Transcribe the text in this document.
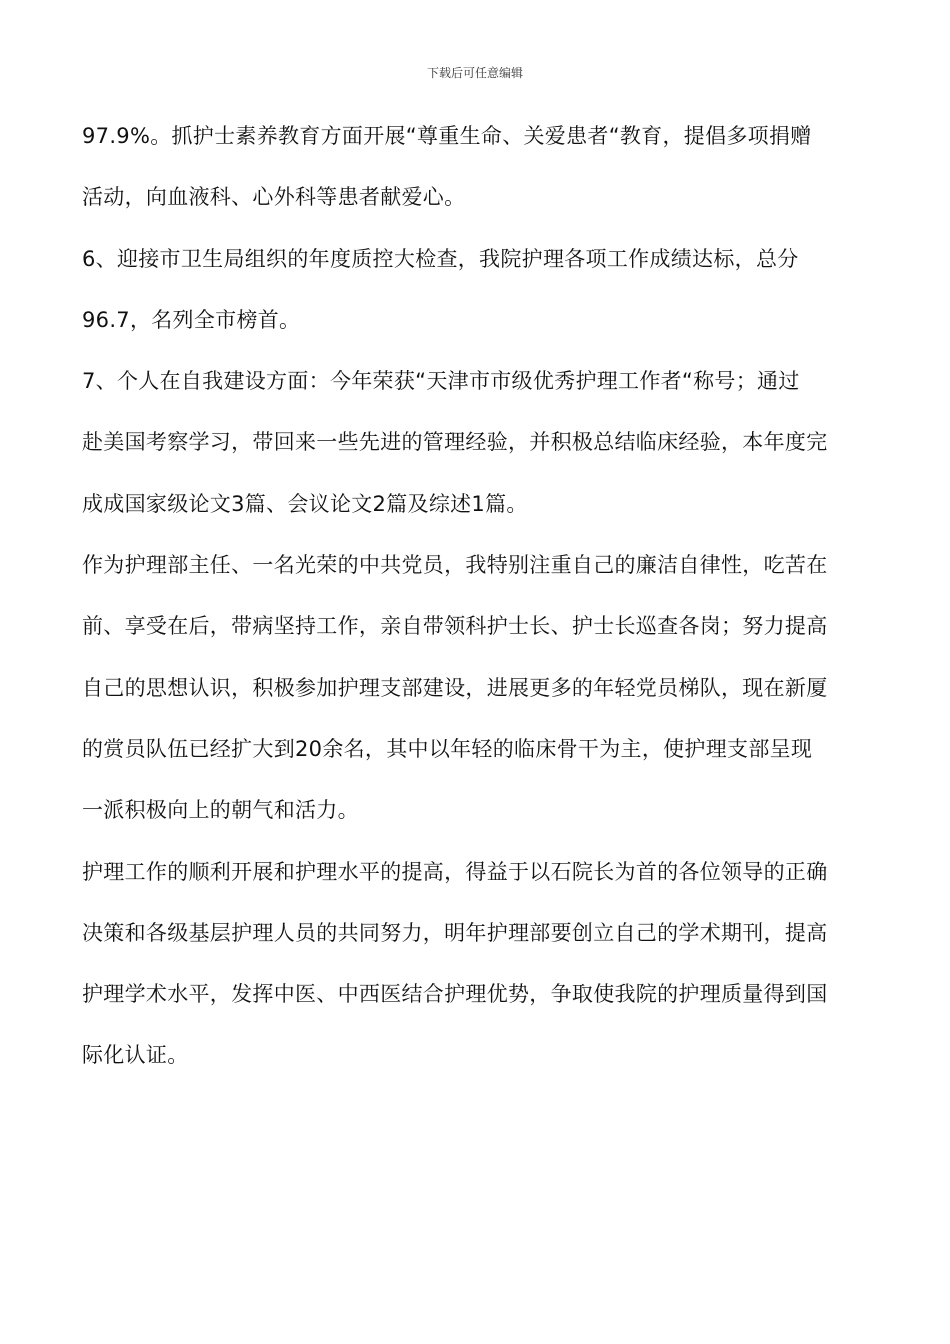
下载后可任意编辑
97.9%。抓护士素养教育方面开展“尊重生命、关爱患者“教育，提倡多项捐赠
活动，向血液科、心外科等患者献爱心。
6、迎接市卫生局组织的年度质控大检查，我院护理各项工作成绩达标，总分
96.7，名列全市榜首。
7、个人在自我建设方面：今年荣获“天津市市级优秀护理工作者“称号；通过
赴美国考察学习，带回来一些先进的管理经验，并积极总结临床经验，本年度完
成成国家级论文3篇、会议论文2篇及综述1篇。
作为护理部主任、一名光荣的中共党员，我特别注重自己的廉洁自律性，吃苦在
前、享受在后，带病坚持工作，亲自带领科护士长、护士长巡查各岗；努力提高
自己的思想认识，积极参加护理支部建设，进展更多的年轻党员梯队，现在新厦
的赏员队伍已经扩大到20余名，其中以年轻的临床骨干为主，使护理支部呈现
一派积极向上的朝气和活力。
护理工作的顺利开展和护理水平的提高，得益于以石院长为首的各位领导的正确
决策和各级基层护理人员的共同努力，明年护理部要创立自己的学术期刊，提高
护理学术水平，发挥中医、中西医结合护理优势，争取使我院的护理质量得到国
际化认证。
